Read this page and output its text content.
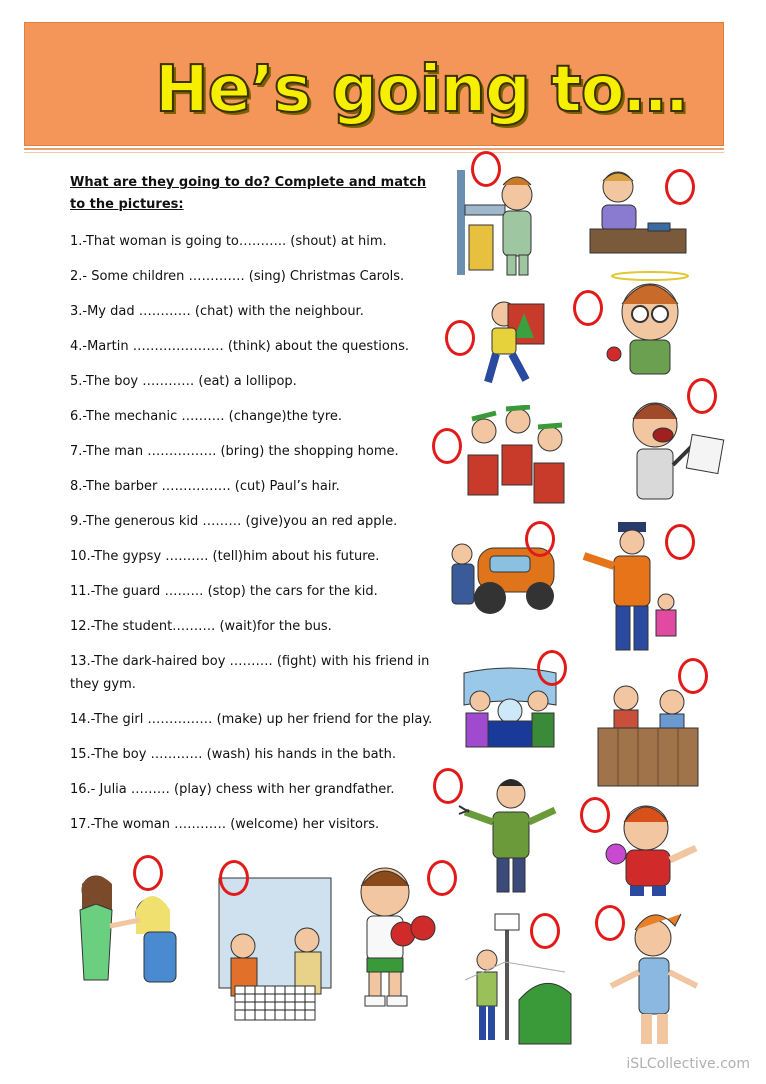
He’s going to…
What are they going to do? Complete and match to the pictures:
1.-That woman is going to……….. (shout) at him.
2.- Some children …………. (sing) Christmas Carols.
3.-My dad ………… (chat) with the neighbour.
4.-Martin ………………… (think) about the questions.
5.-The boy ………… (eat) a lollipop.
6.-The mechanic ………. (change)the tyre.
7.-The man ……………. (bring) the shopping home.
8.-The barber ……………. (cut) Paul’s hair.
9.-The generous kid ……… (give)you an red apple.
10.-The gypsy ………. (tell)him about his future.
11.-The guard ……… (stop) the cars for the kid.
12.-The student………. (wait)for the bus.
13.-The dark-haired boy ………. (fight) with his friend in they gym.
14.-The girl …………… (make) up her friend for the play.
15.-The boy ………… (wash) his hands in the bath.
16.- Julia ……… (play) chess with her grandfather.
17.-The woman ………… (welcome) her visitors.
iSLCollective.com
